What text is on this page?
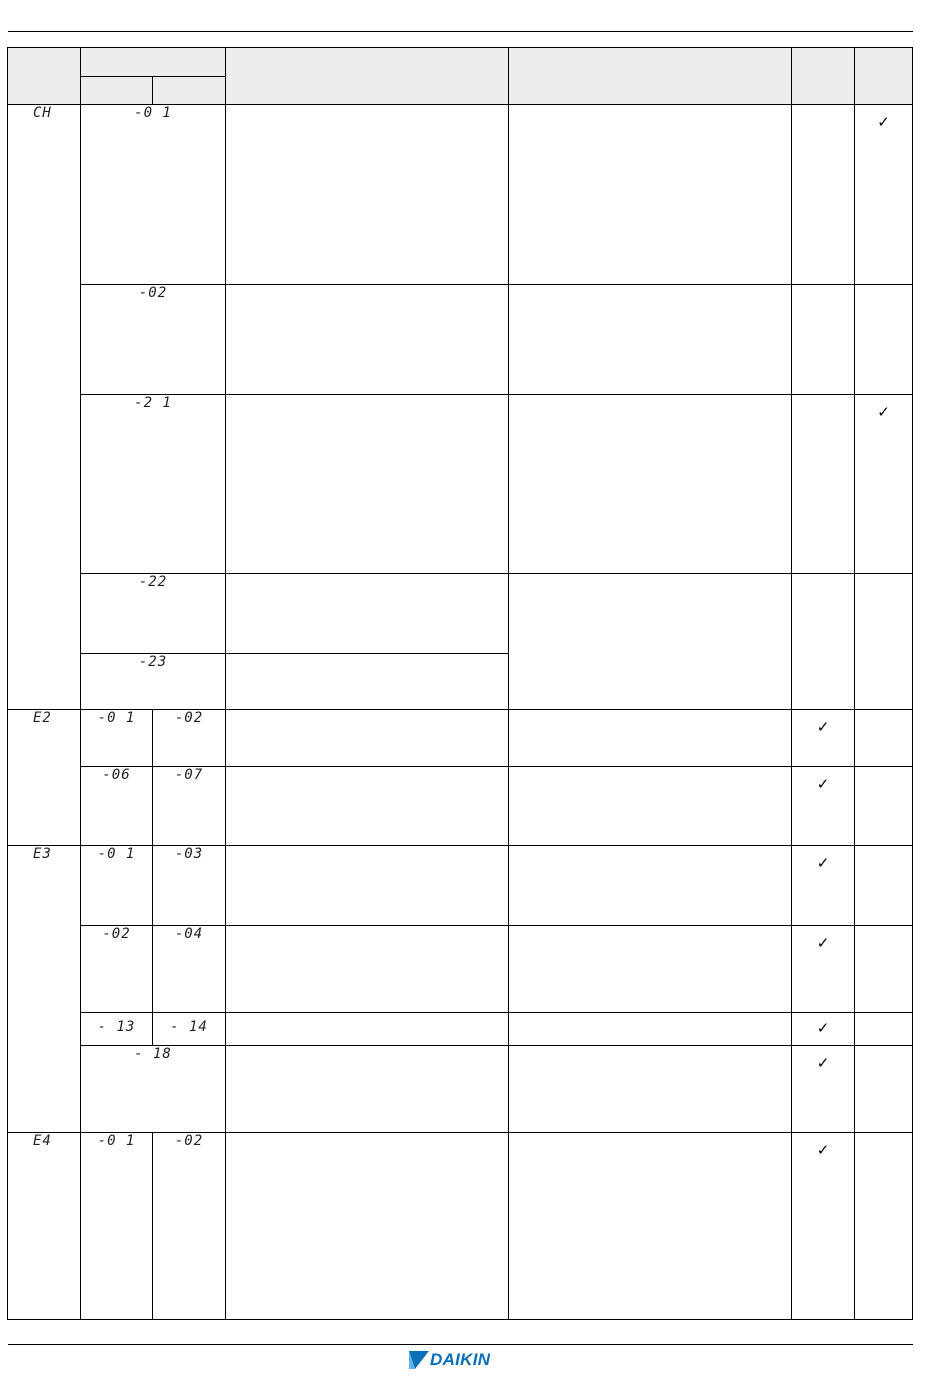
CH	-0 1					✓
	-02					
	-2 1					✓
	-22					
	-23					
E2	-0 1	-02			✓	
	-06	-07			✓	
E3	-0 1	-03			✓	
	-02	-04			✓	
	- 13	- 14			✓	
	- 18				✓	
E4	-0 1	-02			✓	
DAIKIN
